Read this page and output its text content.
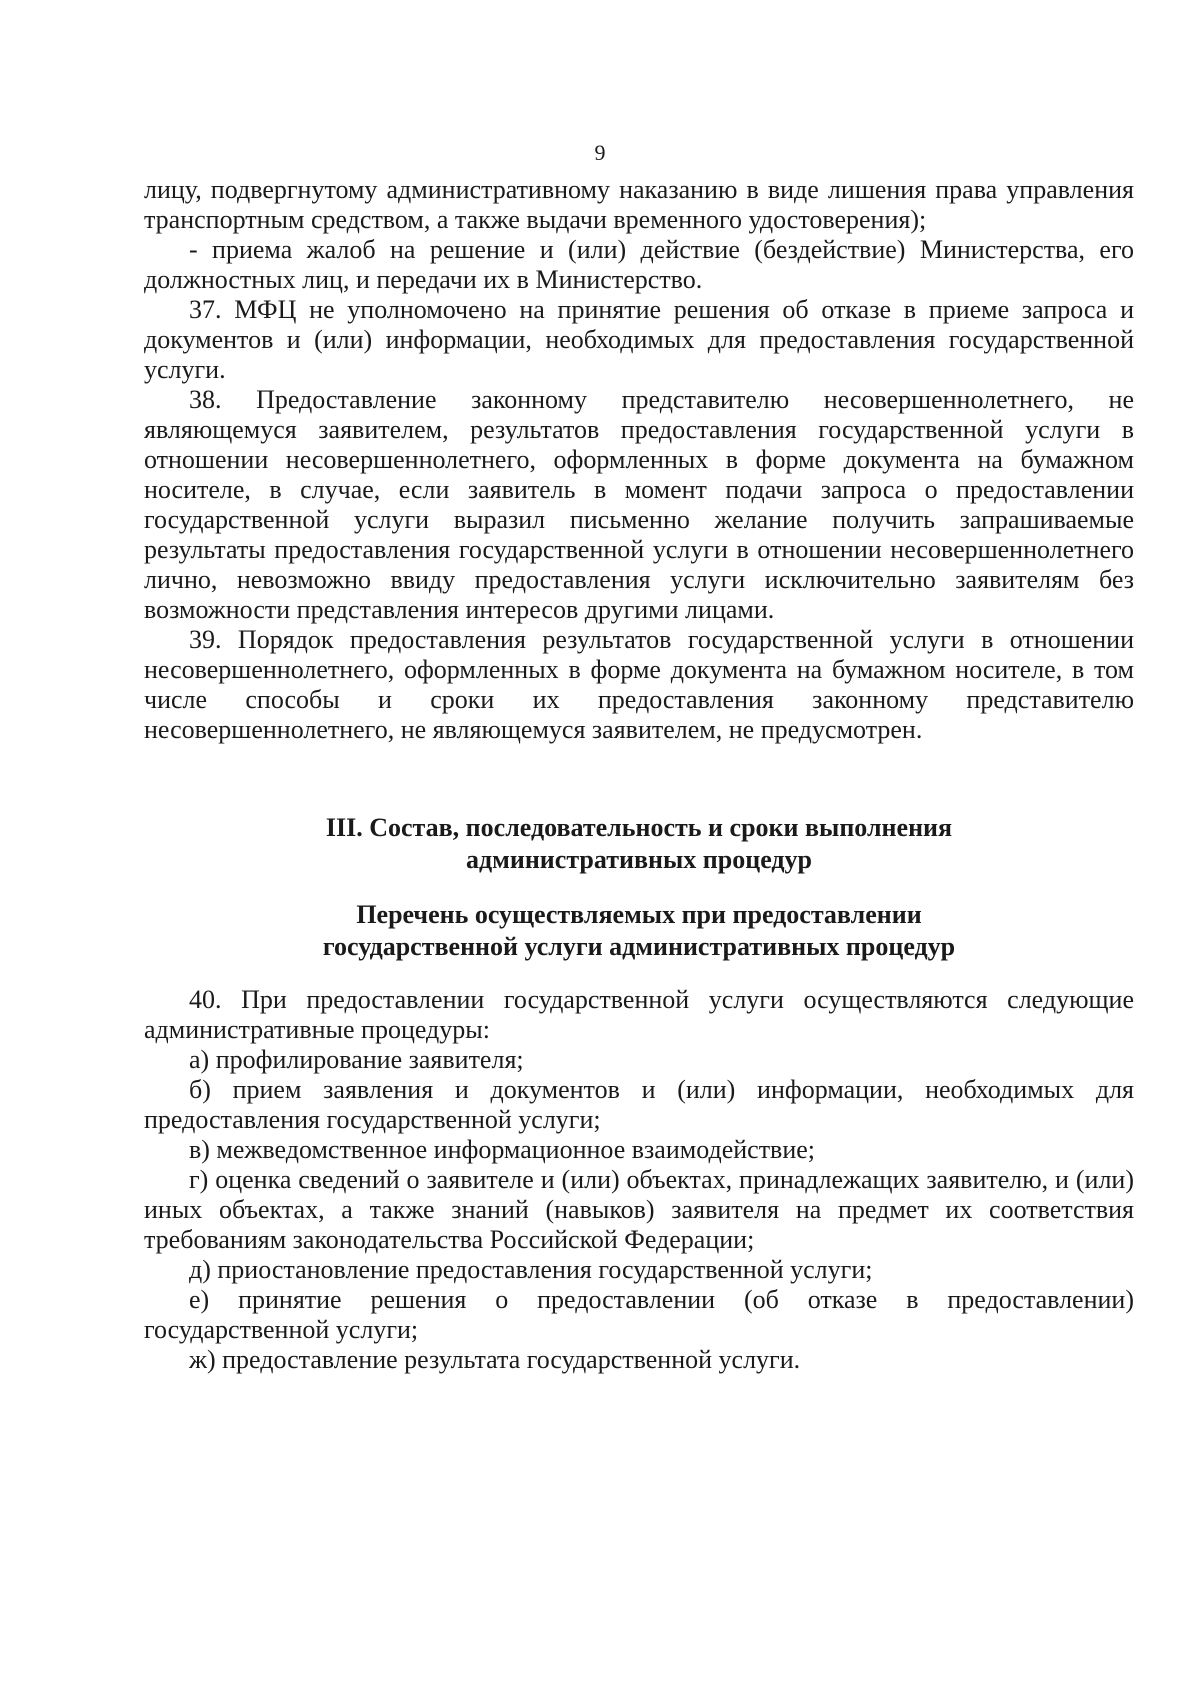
9

лицу, подвергнутому административному наказанию в виде лишения права управления транспортным средством, а также выдачи временного удостоверения);

- приема жалоб на решение и (или) действие (бездействие) Министерства, его должностных лиц, и передачи их в Министерство.

37. МФЦ не уполномочено на принятие решения об отказе в приеме запроса и документов и (или) информации, необходимых для предоставления государственной услуги.

38. Предоставление законному представителю несовершеннолетнего, не являющемуся заявителем, результатов предоставления государственной услуги в отношении несовершеннолетнего, оформленных в форме документа на бумажном носителе, в случае, если заявитель в момент подачи запроса о предоставлении государственной услуги выразил письменно желание получить запрашиваемые результаты предоставления государственной услуги в отношении несовершеннолетнего лично, невозможно ввиду предоставления услуги исключительно заявителям без возможности представления интересов другими лицами.

39. Порядок предоставления результатов государственной услуги в отношении несовершеннолетнего, оформленных в форме документа на бумажном носителе, в том числе способы и сроки их предоставления законному представителю несовершеннолетнего, не являющемуся заявителем, не предусмотрен.

III. Состав, последовательность и сроки выполнения
административных процедур
Перечень осуществляемых при предоставлении
государственной услуги административных процедур

40. При предоставлении государственной услуги осуществляются следующие административные процедуры:

а) профилирование заявителя;

б) прием заявления и документов и (или) информации, необходимых для предоставления государственной услуги;

в) межведомственное информационное взаимодействие;

г) оценка сведений о заявителе и (или) объектах, принадлежащих заявителю, и (или) иных объектах, а также знаний (навыков) заявителя на предмет их соответствия требованиям законодательства Российской Федерации;

д) приостановление предоставления государственной услуги;

е) принятие решения о предоставлении (об отказе в предоставлении) государственной услуги;

ж) предоставление результата государственной услуги.
